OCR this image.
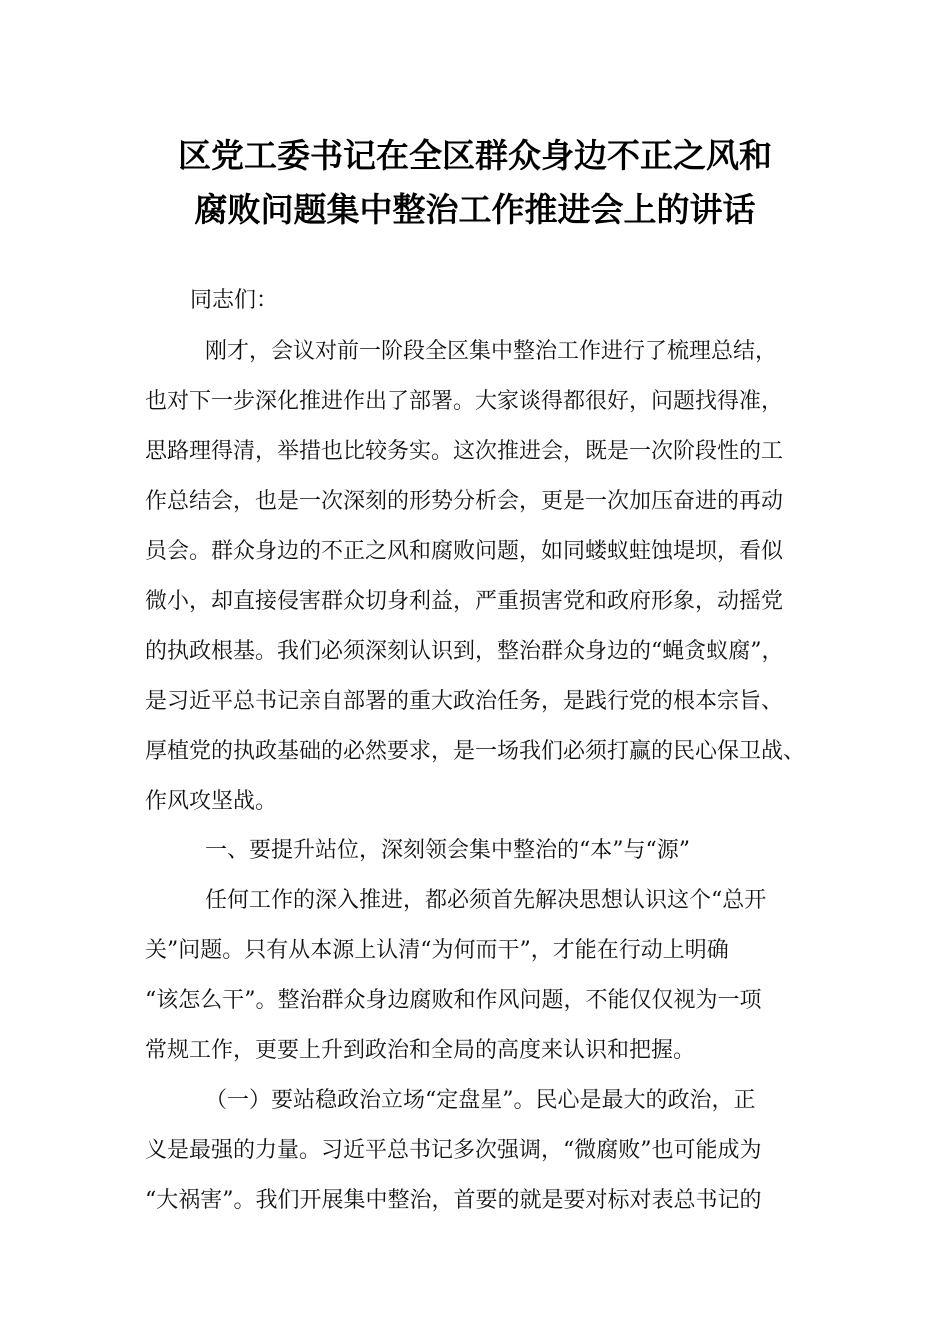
区党工委书记在全区群众身边不正之风和
腐败问题集中整治工作推进会上的讲话
同志们：
刚才，会议对前一阶段全区集中整治工作进行了梳理总结，
也对下一步深化推进作出了部署。大家谈得都很好，问题找得准，
思路理得清，举措也比较务实。这次推进会，既是一次阶段性的工
作总结会，也是一次深刻的形势分析会，更是一次加压奋进的再动
员会。群众身边的不正之风和腐败问题，如同蝼蚁蛀蚀堤坝，看似
微小，却直接侵害群众切身利益，严重损害党和政府形象，动摇党
的执政根基。我们必须深刻认识到，整治群众身边的“蝇贪蚁腐”，
是习近平总书记亲自部署的重大政治任务，是践行党的根本宗旨、
厚植党的执政基础的必然要求，是一场我们必须打赢的民心保卫战、
作风攻坚战。
一、要提升站位，深刻领会集中整治的“本”与“源”
任何工作的深入推进，都必须首先解决思想认识这个“总开
关”问题。只有从本源上认清“为何而干”，才能在行动上明确
“该怎么干”。整治群众身边腐败和作风问题，不能仅仅视为一项
常规工作，更要上升到政治和全局的高度来认识和把握。
（一）要站稳政治立场“定盘星”。民心是最大的政治，正
义是最强的力量。习近平总书记多次强调，“微腐败”也可能成为
“大祸害”。我们开展集中整治，首要的就是要对标对表总书记的
